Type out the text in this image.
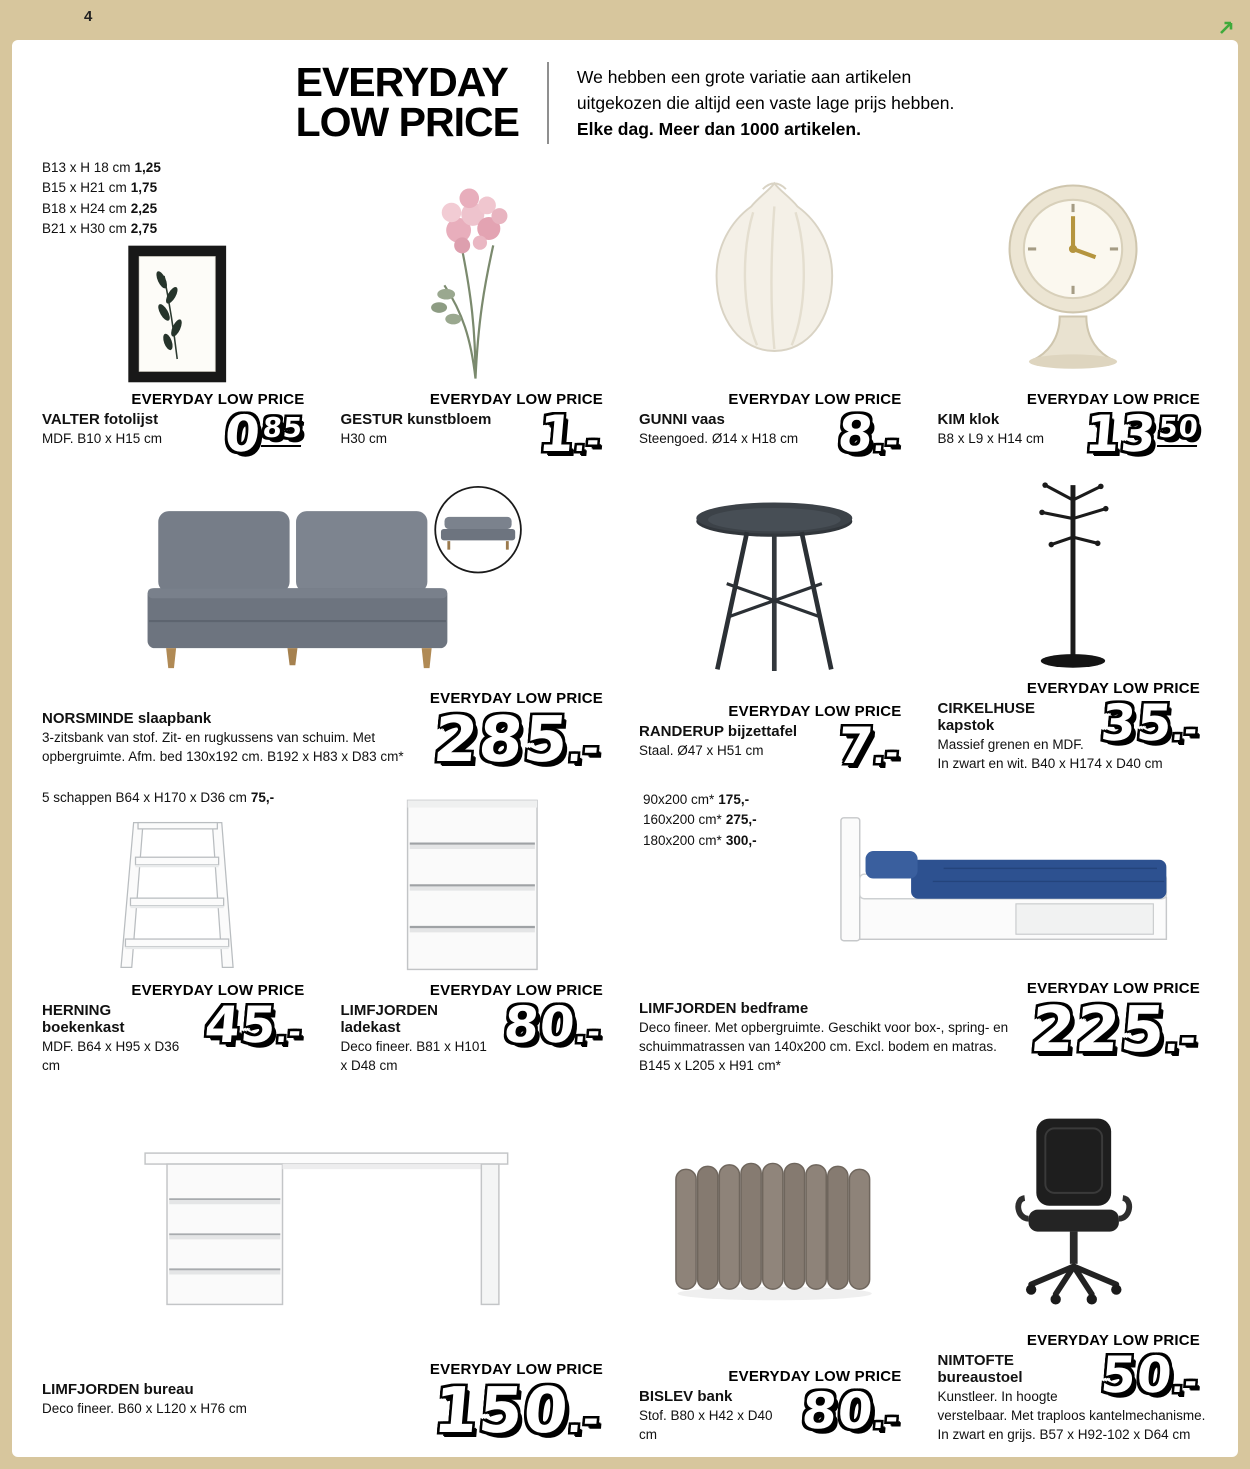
4
EVERYDAY
LOW PRICE
We hebben een grote variatie aan artikelen
uitgekozen die altijd een vaste lage prijs hebben.
Elke dag. Meer dan 1000 artikelen.
B13 x H 18 cm 1,25
B15 x H21 cm 1,75
B18 x H24 cm 2,25
B21 x H30 cm 2,75
EVERYDAY LOW PRICE
$0^{85}$
VALTER fotolijst
MDF. B10 x H15 cm
EVERYDAY LOW PRICE
1.-
GESTUR kunstbloem
H30 cm
EVERYDAY LOW PRICE
8.-
GUNNI vaas
Steengoed. Ø14 x H18 cm
EVERYDAY LOW PRICE
$13^{50}$
KIM klok
B8 x L9 x H14 cm
EVERYDAY LOW PRICE
285.-
NORSMINDE slaapbank
3-zitsbank van stof. Zit- en rugkussens van schuim. Met opbergruimte. Afm. bed 130x192 cm. B192 x H83 x D83 cm*
EVERYDAY LOW PRICE
7.-
RANDERUP bijzettafel
Staal. Ø47 x H51 cm
EVERYDAY LOW PRICE
35.-
CIRKELHUSE kapstok
Massief grenen en MDF. In zwart en wit. B40 x H174 x D40 cm
5 schappen B64 x H170 x D36 cm 75,-
EVERYDAY LOW PRICE
45.-
HERNING boekenkast
MDF. B64 x H95 x D36 cm
EVERYDAY LOW PRICE
80.-
LIMFJORDEN ladekast
Deco fineer. B81 x H101 x D48 cm
90x200 cm* 175,-
160x200 cm* 275,-
180x200 cm* 300,-
EVERYDAY LOW PRICE
225.-
LIMFJORDEN bedframe
Deco fineer. Met opbergruimte. Geschikt voor box-, spring- en schuimmatrassen van 140x200 cm. Excl. bodem en matras. B145 x L205 x H91 cm*
EVERYDAY LOW PRICE
150.-
LIMFJORDEN bureau
Deco fineer. B60 x L120 x H76 cm
EVERYDAY LOW PRICE
80.-
BISLEV bank
Stof. B80 x H42 x D40 cm
EVERYDAY LOW PRICE
50.-
NIMTOFTE bureaustoel
Kunstleer. In hoogte verstelbaar. Met traploos kantelmechanisme. In zwart en grijs. B57 x H92-102 x D64 cm
